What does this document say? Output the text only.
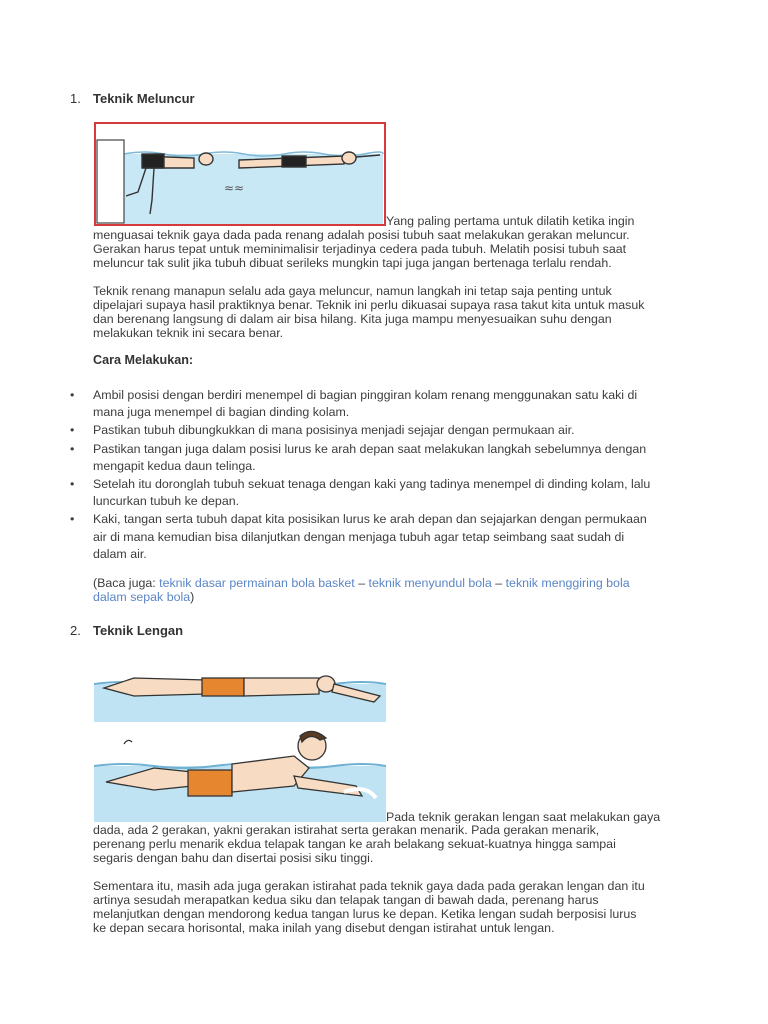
1. Teknik Meluncur
≈≈
Yang paling pertama untuk dilatih ketika ingin
menguasai teknik gaya dada pada renang adalah posisi tubuh saat melakukan gerakan meluncur.
Gerakan harus tepat untuk meminimalisir terjadinya cedera pada tubuh. Melatih posisi tubuh saat
meluncur tak sulit jika tubuh dibuat serileks mungkin tapi juga jangan bertenaga terlalu rendah.
Teknik renang manapun selalu ada gaya meluncur, namun langkah ini tetap saja penting untuk
dipelajari supaya hasil praktiknya benar. Teknik ini perlu dikuasai supaya rasa takut kita untuk masuk
dan berenang langsung di dalam air bisa hilang. Kita juga mampu menyesuaikan suhu dengan
melakukan teknik ini secara benar.
Cara Melakukan:
• Ambil posisi dengan berdiri menempel di bagian pinggiran kolam renang menggunakan satu kaki di
mana juga menempel di bagian dinding kolam.
• Pastikan tubuh dibungkukkan di mana posisinya menjadi sejajar dengan permukaan air.
• Pastikan tangan juga dalam posisi lurus ke arah depan saat melakukan langkah sebelumnya dengan
mengapit kedua daun telinga.
• Setelah itu doronglah tubuh sekuat tenaga dengan kaki yang tadinya menempel di dinding kolam, lalu
luncurkan tubuh ke depan.
• Kaki, tangan serta tubuh dapat kita posisikan lurus ke arah depan dan sejajarkan dengan permukaan
air di mana kemudian bisa dilanjutkan dengan menjaga tubuh agar tetap seimbang saat sudah di
dalam air.
(Baca juga: teknik dasar permainan bola basket – teknik menyundul bola – teknik menggiring bola
dalam sepak bola)
2. Teknik Lengan
Pada teknik gerakan lengan saat melakukan gaya
dada, ada 2 gerakan, yakni gerakan istirahat serta gerakan menarik. Pada gerakan menarik,
perenang perlu menarik ekdua telapak tangan ke arah belakang sekuat-kuatnya hingga sampai
segaris dengan bahu dan disertai posisi siku tinggi.
Sementara itu, masih ada juga gerakan istirahat pada teknik gaya dada pada gerakan lengan dan itu
artinya sesudah merapatkan kedua siku dan telapak tangan di bawah dada, perenang harus
melanjutkan dengan mendorong kedua tangan lurus ke depan. Ketika lengan sudah berposisi lurus
ke depan secara horisontal, maka inilah yang disebut dengan istirahat untuk lengan.
